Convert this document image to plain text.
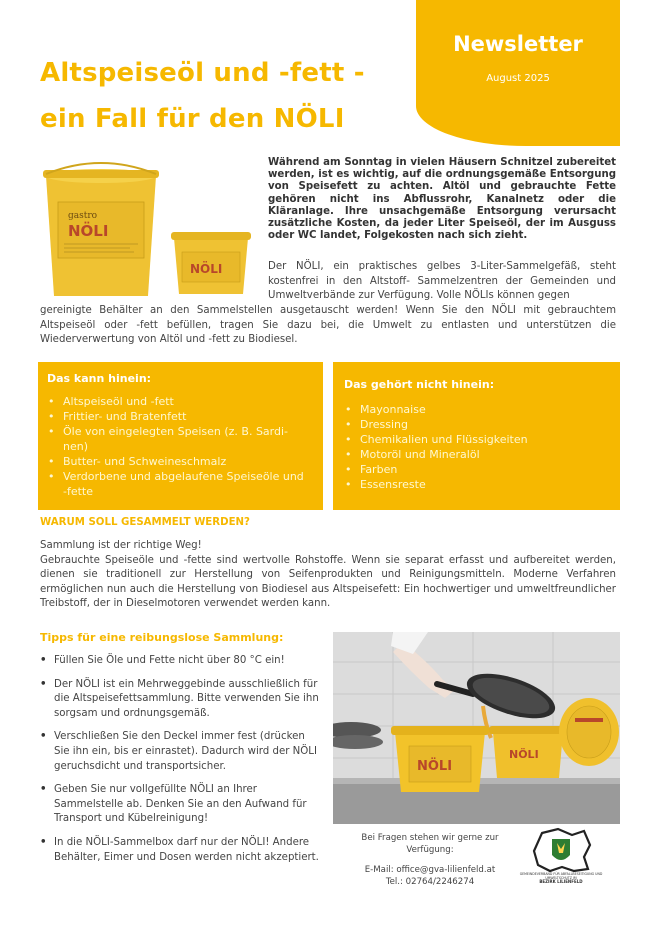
Altspeiseöl und -fett -
ein Fall für den NÖLI
Newsletter
August 2025
gastro
NÖLI
NÖLI
Während am Sonntag in vielen Häusern Schnitzel zubereitet werden, ist es wichtig, auf die ordnungsgemäße Entsorgung von Speisefett zu achten. Altöl und gebrauchte Fette gehören nicht ins Abflussrohr, Kanalnetz oder die Kläranlage. Ihre unsachgemäße Entsorgung verursacht zusätzliche Kosten, da jeder Liter Speiseöl, der im Ausguss oder WC landet, Folgekosten nach sich zieht.
Der NÖLI, ein praktisches gelbes 3-Liter-Sammelgefäß, steht kostenfrei in den Altstoff- Sammelzentren der Gemeinden und Umweltverbände zur Verfügung. Volle NÖLIs können gegen
gereinigte Behälter an den Sammelstellen ausgetauscht werden! Wenn Sie den NÖLI mit gebrauchtem Altspeiseöl oder -fett befüllen, tragen Sie dazu bei, die Umwelt zu entlasten und unterstützen die Wiederverwertung von Altöl und -fett zu Biodiesel.
Das kann hinein:
• Altspeiseöl und -fett
• Frittier- und Bratenfett
• Öle von eingelegten Speisen (z. B. Sardi-nen)
• Butter- und Schweineschmalz
• Verdorbene und abgelaufene Speiseöle und -fette
Das gehört nicht hinein:
• Mayonnaise
• Dressing
• Chemikalien und Flüssigkeiten
• Motoröl und Mineralöl
• Farben
• Essensreste
WARUM SOLL GESAMMELT WERDEN?
Sammlung ist der richtige Weg!
Gebrauchte Speiseöle und -fette sind wertvolle Rohstoffe. Wenn sie separat erfasst und aufbereitet werden, dienen sie traditionell zur Herstellung von Seifenprodukten und Reinigungsmitteln. Moderne Verfahren ermöglichen nun auch die Herstellung von Biodiesel aus Altspeisefett: Ein hochwertiger und umweltfreundlicher Treibstoff, der in Dieselmotoren verwendet werden kann.
Tipps für eine reibungslose Sammlung:
• Füllen Sie Öle und Fette nicht über 80 °C ein!
• Der NÖLI ist ein Mehrweggebinde ausschließlich für die Altspeisefettsammlung. Bitte verwenden Sie ihn sorgsam und ordnungsgemäß.
• Verschließen Sie den Deckel immer fest (drücken Sie ihn ein, bis er einrastet). Dadurch wird der NÖLI geruchsdicht und transportsicher.
• Geben Sie nur vollgefüllte NÖLI an Ihrer Sammelstelle ab. Denken Sie an den Aufwand für Transport und Kübelreinigung!
• In die NÖLI-Sammelbox darf nur der NÖLI! Andere Behälter, Eimer und Dosen werden nicht akzeptiert.
NÖLI
NÖLI
Bei Fragen stehen wir gerne zur Verfügung:
E-Mail: office@gva-lilienfeld.at
Tel.: 02764/2246274
GEMEINDEVERBAND FÜR ABFALLBESEITIGUNG UND UMWELTSCHUTZ IM
BEZIRK LILIENFELD
